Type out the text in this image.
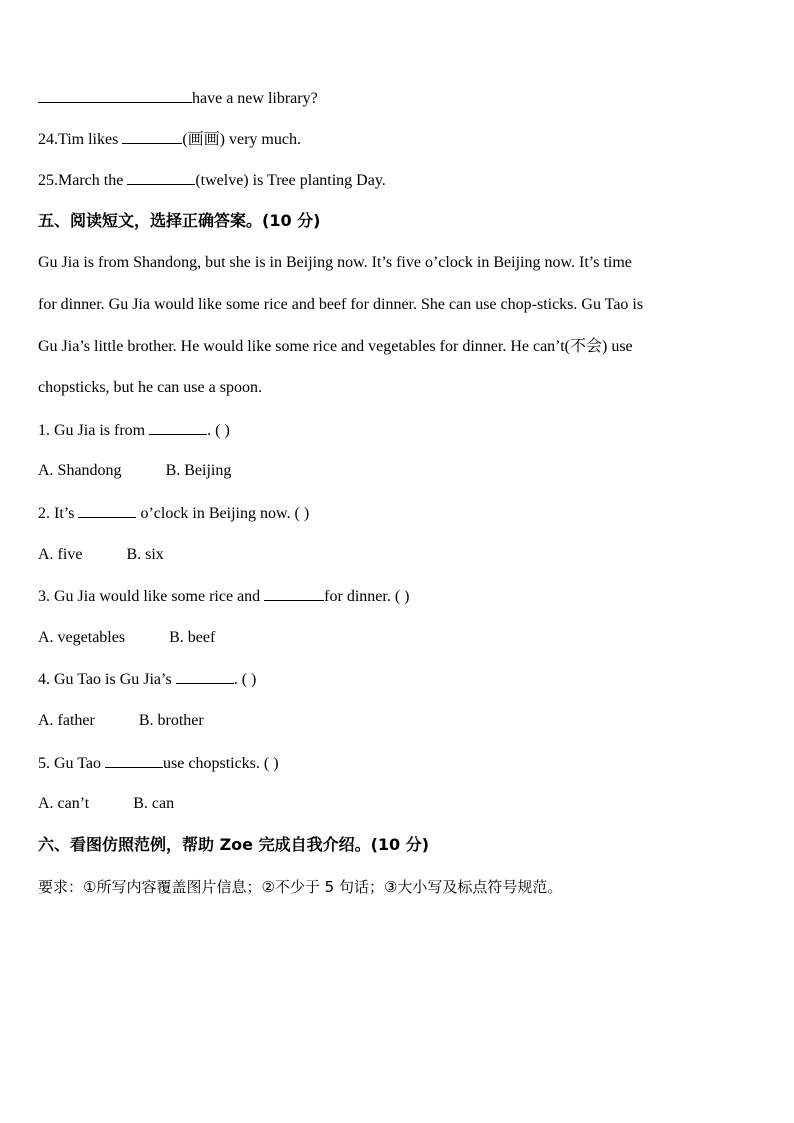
have a new library?
24.Tim likes	(画画) very much.
25.March the	(twelve) is Tree planting Day.
五、阅读短文，选择正确答案。(10 分)
Gu Jia is from Shandong, but she is in Beijing now. It’s five o’clock in Beijing now. It’s time
for dinner. Gu Jia would like some rice and beef for dinner. She can use chop-sticks. Gu Tao is
Gu Jia’s little brother. He would like some rice and vegetables for dinner. He can’t(不会) use
chopsticks, but he can use a spoon.
1. Gu Jia is from	. ( )
A. Shandong	B. Beijing
2. It’s	o’clock in Beijing now. ( )
A. five	B. six
3. Gu Jia would like some rice and	for dinner. ( )
A. vegetables	B. beef
4. Gu Tao is Gu Jia’s	. ( )
A. father	B. brother
5. Gu Tao	use chopsticks. ( )
A. can’t	B. can
六、看图仿照范例，帮助 Zoe 完成自我介绍。(10 分)
要求：①所写内容覆盖图片信息；②不少于 5 句话；③大小写及标点符号规范。
